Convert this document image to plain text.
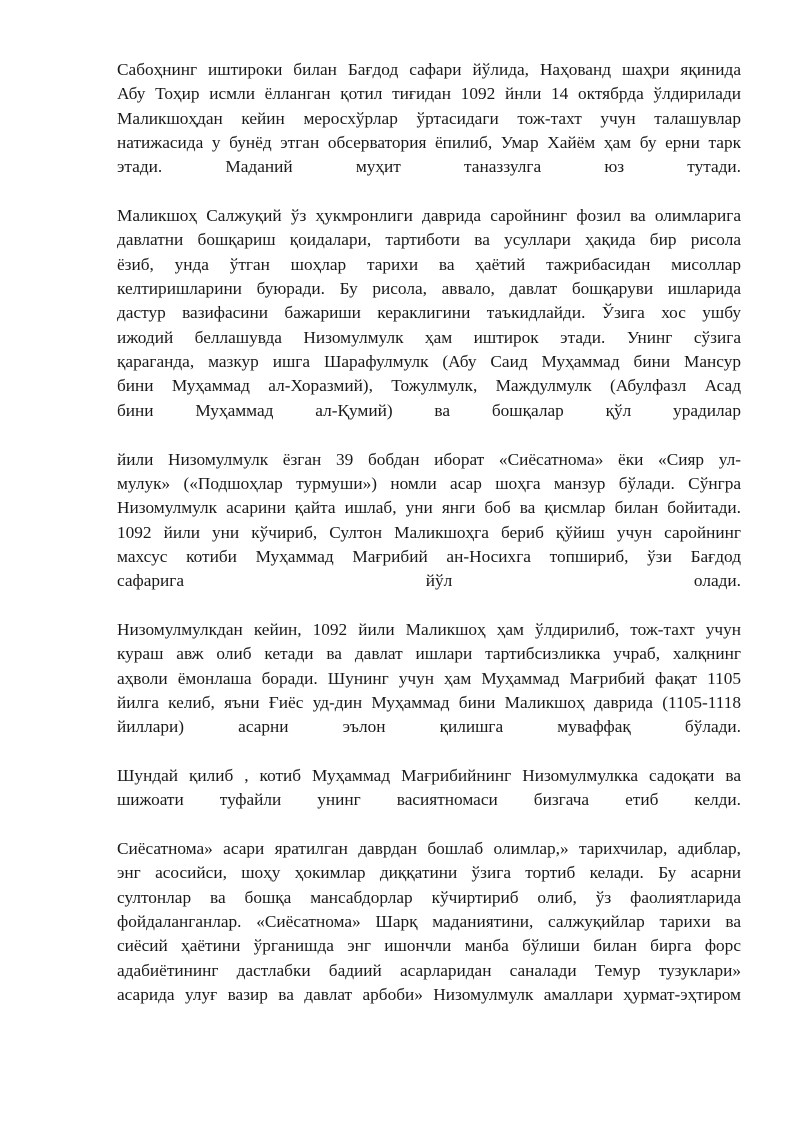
Сабоҳнинг иштироки билан Бағдод сафари йўлида, Наҳованд шаҳри яқинида
Абу Тоҳир исмли ёлланган қотил тиғидан 1092 йнли 14 октябрда ўлдирилади
Маликшоҳдан кейин меросхўрлар ўртасидаги тож-тахт учун талашувлар
натижасида у бунёд этган обсерватория ёпилиб, Умар Хайём ҳам бу ерни тарк
этади. Маданий муҳит таназзулга юз тутади.
Маликшоҳ Салжуқий ўз ҳукмронлиги даврида саройнинг фозил ва олимларига
давлатни бошқариш қоидалари, тартиботи ва усуллари ҳақида бир рисола
ёзиб, унда ўтган шоҳлар тарихи ва ҳаётий тажрибасидан мисоллар
келтиришларини буюради. Бу рисола, аввало, давлат бошқаруви ишларида
дастур вазифасини бажариши кераклигини таъкидлайди. Ўзига хос ушбу
ижодий беллашувда Низомулмулк ҳам иштирок этади. Унинг сўзига
қараганда, мазкур ишга Шарафулмулк (Абу Саид Муҳаммад бини Мансур
бини Муҳаммад ал-Хоразмий), Тожулмулк, Маждулмулк (Абулфазл Асад
бини Муҳаммад ал-Қумий) ва бошқалар қўл урадилар
йили Низомулмулк ёзган 39 бобдан иборат «Сиёсатнома» ёки «Сияр ул-
мулук» («Подшоҳлар турмуши») номли асар шоҳга манзур бўлади. Сўнгра
Низомулмулк асарини қайта ишлаб, уни янги боб ва қисмлар билан бойитади.
1092 йили уни кўчириб, Султон Маликшоҳга бериб қўйиш учун саройнинг
махсус котиби Муҳаммад Мағрибий ан-Носихга топшириб, ўзи Бағдод
сафарига йўл олади.
Низомулмулкдан кейин, 1092 йили Маликшоҳ ҳам ўлдирилиб, тож-тахт учун
кураш авж олиб кетади ва давлат ишлари тартибсизликка учраб, халқнинг
аҳволи ёмонлаша боради. Шунинг учун ҳам Муҳаммад Мағрибий фақат 1105
йилга келиб, яъни Ғиёс уд-дин Муҳаммад бини Маликшоҳ даврида (1105-1118
йиллари) асарни эълон қилишга муваффақ бўлади.
Шундай қилиб , котиб Муҳаммад Мағрибийнинг Низомулмулкка садоқати ва
шижоати туфайли унинг васиятномаси бизгача етиб келди.
Сиёсатнома» асари яратилган даврдан бошлаб олимлар,» тарихчилар, адиблар,
энг асосийси, шоҳу ҳокимлар диққатини ўзига тортиб келади. Бу асарни
султонлар ва бошқа мансабдорлар кўчиртириб олиб, ўз фаолиятларида
фойдаланганлар. «Сиёсатнома» Шарқ маданиятини, салжуқийлар тарихи ва
сиёсий ҳаётини ўрганишда энг ишончли манба бўлиши билан бирга форс
адабиётининг дастлабки бадиий асарларидан саналади Темур тузуклари»
асарида улуғ вазир ва давлат арбоби» Низомулмулк амаллари ҳурмат-эҳтиром
